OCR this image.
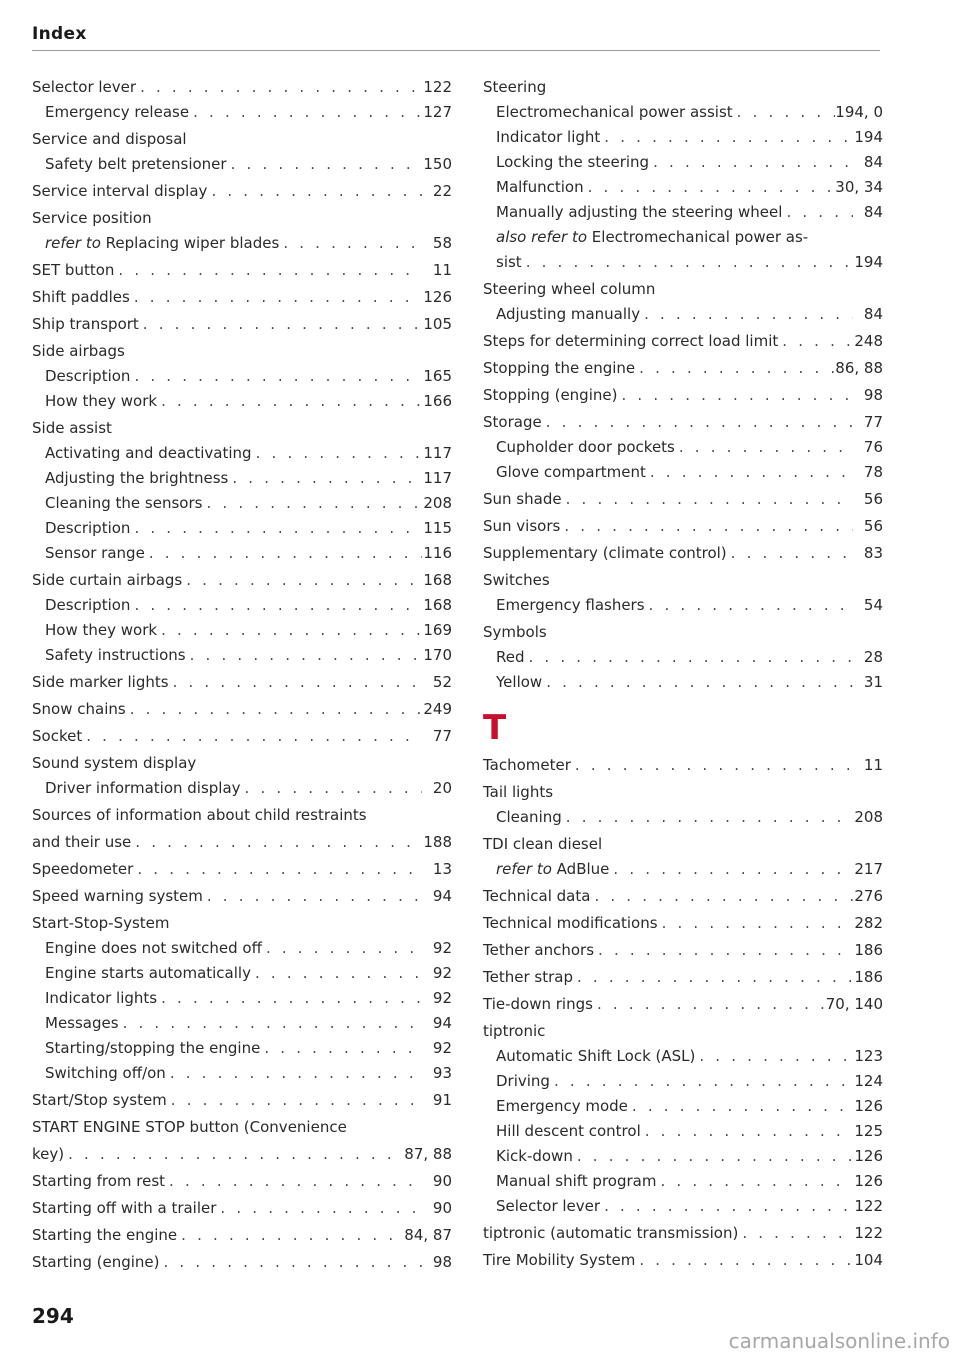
Index
Selector lever . . .	122
Emergency release . . .	127
Service and disposal
Safety belt pretensioner . . .	150
Service interval display . . .	22
Service position
refer to Replacing wiper blades . . .	58
SET button . . .	11
Shift paddles . . .	126
Ship transport . . .	105
Side airbags
Description . . .	165
How they work . . .	166
Side assist
Activating and deactivating . . .	117
Adjusting the brightness . . .	117
Cleaning the sensors . . .	208
Description . . .	115
Sensor range . . .	116
Side curtain airbags . . .	168
Description . . .	168
How they work . . .	169
Safety instructions . . .	170
Side marker lights . . .	52
Snow chains . . .	249
Socket . . .	77
Sound system display
Driver information display . . .	20
Sources of information about child restraints
and their use . . .	188
Speedometer . . .	13
Speed warning system . . .	94
Start-Stop-System
Engine does not switched off . . .	92
Engine starts automatically . . .	92
Indicator lights . . .	92
Messages . . .	94
Starting/stopping the engine . . .	92
Switching off/on . . .	93
Start/Stop system . . .	91
START ENGINE STOP button (Convenience
key) . . .	87, 88
Starting from rest . . .	90
Starting off with a trailer . . .	90
Starting the engine . . .	84, 87
Starting (engine) . . .	98
Steering
Electromechanical power assist . . .	194, 0
Indicator light . . .	194
Locking the steering . . .	84
Malfunction . . .	30, 34
Manually adjusting the steering wheel . . .	84
also refer to Electromechanical power as-
sist . . .	194
Steering wheel column
Adjusting manually . . .	84
Steps for determining correct load limit . . .	248
Stopping the engine . . .	86, 88
Stopping (engine) . . .	98
Storage . . .	77
Cupholder door pockets . . .	76
Glove compartment . . .	78
Sun shade . . .	56
Sun visors . . .	56
Supplementary (climate control) . . .	83
Switches
Emergency flashers . . .	54
Symbols
Red . . .	28
Yellow . . .	31
T
Tachometer . . .	11
Tail lights
Cleaning . . .	208
TDI clean diesel
refer to AdBlue . . .	217
Technical data . . .	276
Technical modifications . . .	282
Tether anchors . . .	186
Tether strap . . .	186
Tie-down rings . . .	70, 140
tiptronic
Automatic Shift Lock (ASL) . . .	123
Driving . . .	124
Emergency mode . . .	126
Hill descent control . . .	125
Kick-down . . .	126
Manual shift program . . .	126
Selector lever . . .	122
tiptronic (automatic transmission) . . .	122
Tire Mobility System . . .	104
294
carmanualsonline.info
